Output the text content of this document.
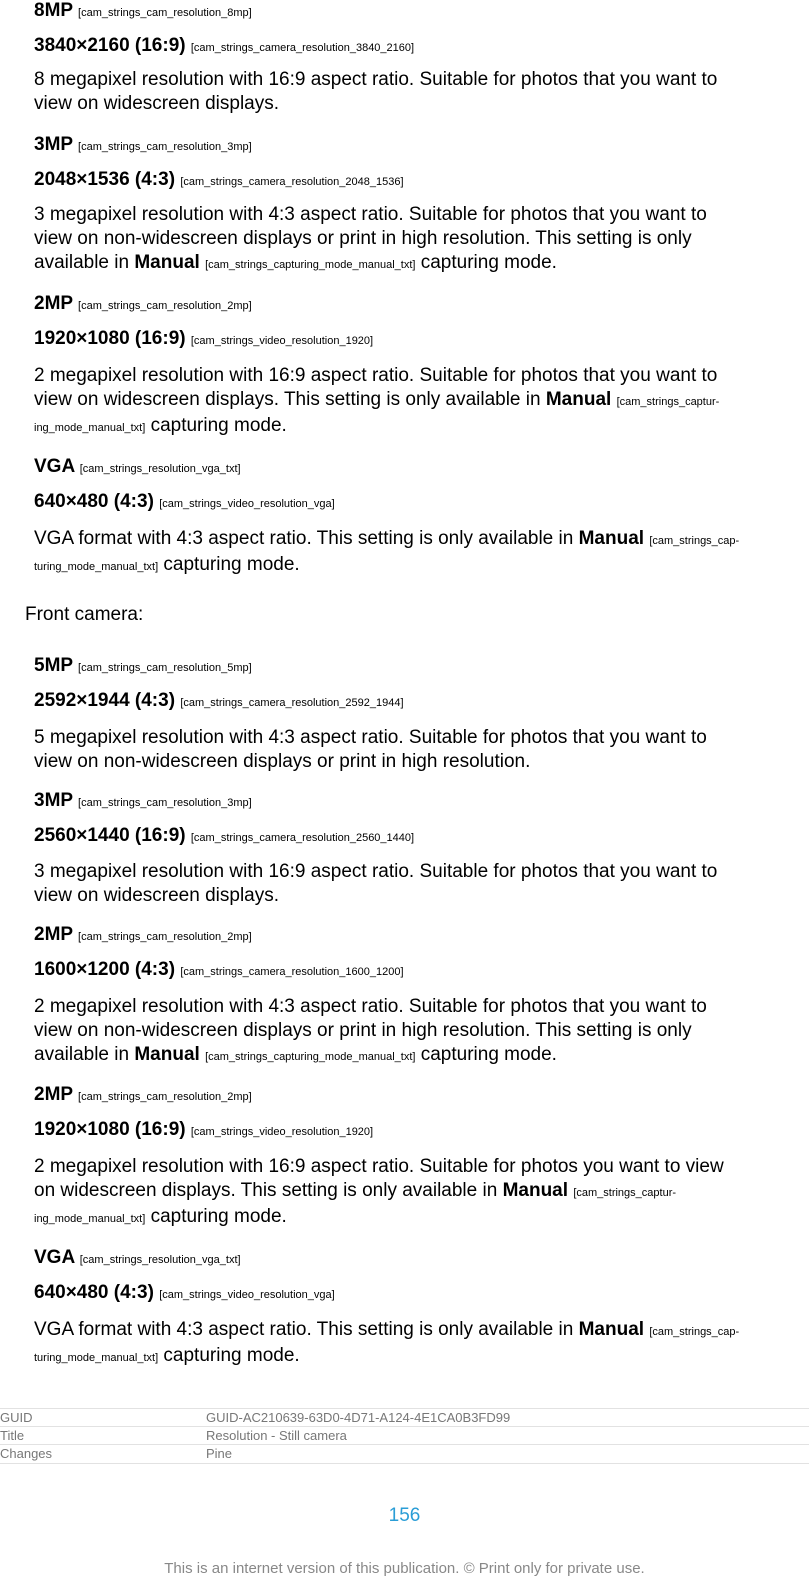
8MP [cam_strings_cam_resolution_8mp]
3840×2160 (16:9) [cam_strings_camera_resolution_3840_2160]
8 megapixel resolution with 16:9 aspect ratio. Suitable for photos that you want to
view on widescreen displays.
3MP [cam_strings_cam_resolution_3mp]
2048×1536 (4:3) [cam_strings_camera_resolution_2048_1536]
3 megapixel resolution with 4:3 aspect ratio. Suitable for photos that you want to
view on non-widescreen displays or print in high resolution. This setting is only
available in Manual [cam_strings_capturing_mode_manual_txt] capturing mode.
2MP [cam_strings_cam_resolution_2mp]
1920×1080 (16:9) [cam_strings_video_resolution_1920]
2 megapixel resolution with 16:9 aspect ratio. Suitable for photos that you want to
view on widescreen displays. This setting is only available in Manual [cam_strings_captur-
ing_mode_manual_txt] capturing mode.
VGA [cam_strings_resolution_vga_txt]
640×480 (4:3) [cam_strings_video_resolution_vga]
VGA format with 4:3 aspect ratio. This setting is only available in Manual [cam_strings_cap-
turing_mode_manual_txt] capturing mode.
Front camera:
5MP [cam_strings_cam_resolution_5mp]
2592×1944 (4:3) [cam_strings_camera_resolution_2592_1944]
5 megapixel resolution with 4:3 aspect ratio. Suitable for photos that you want to
view on non-widescreen displays or print in high resolution.
3MP [cam_strings_cam_resolution_3mp]
2560×1440 (16:9) [cam_strings_camera_resolution_2560_1440]
3 megapixel resolution with 16:9 aspect ratio. Suitable for photos that you want to
view on widescreen displays.
2MP [cam_strings_cam_resolution_2mp]
1600×1200 (4:3) [cam_strings_camera_resolution_1600_1200]
2 megapixel resolution with 4:3 aspect ratio. Suitable for photos that you want to
view on non-widescreen displays or print in high resolution. This setting is only
available in Manual [cam_strings_capturing_mode_manual_txt] capturing mode.
2MP [cam_strings_cam_resolution_2mp]
1920×1080 (16:9) [cam_strings_video_resolution_1920]
2 megapixel resolution with 16:9 aspect ratio. Suitable for photos you want to view
on widescreen displays. This setting is only available in Manual [cam_strings_captur-
ing_mode_manual_txt] capturing mode.
VGA [cam_strings_resolution_vga_txt]
640×480 (4:3) [cam_strings_video_resolution_vga]
VGA format with 4:3 aspect ratio. This setting is only available in Manual [cam_strings_cap-
turing_mode_manual_txt] capturing mode.
GUID	GUID-AC210639-63D0-4D71-A124-4E1CA0B3FD99
Title	Resolution - Still camera
Changes	Pine
156
This is an internet version of this publication. © Print only for private use.
